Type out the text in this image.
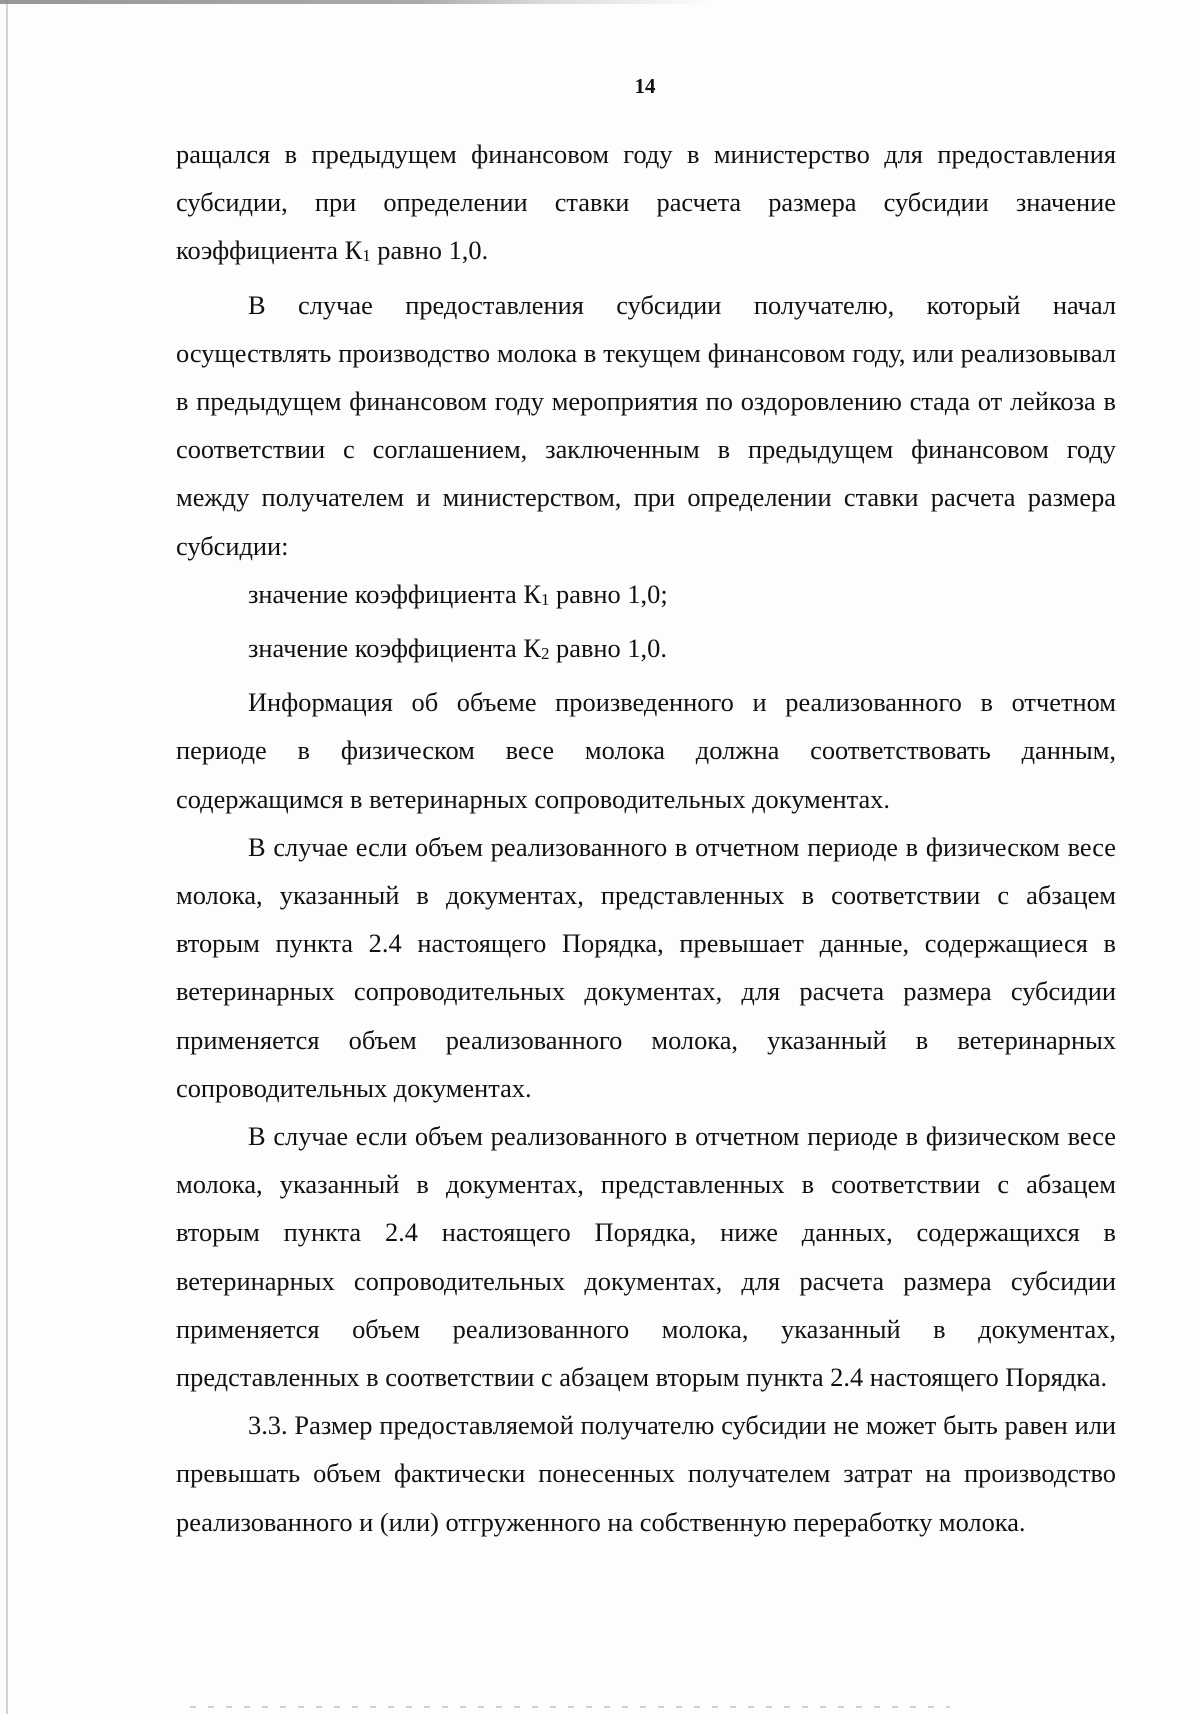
14

ращался в предыдущем финансовом году в министерство для предоставления субсидии, при определении ставки расчета размера субсидии значение коэффициента К1 равно 1,0.

В случае предоставления субсидии получателю, который начал осуществлять производство молока в текущем финансовом году, или реализовывал в предыдущем финансовом году мероприятия по оздоровлению стада от лейкоза в соответствии с соглашением, заключенным в предыдущем финансовом году между получателем и министерством, при определении ставки расчета размера субсидии:

значение коэффициента К1 равно 1,0;

значение коэффициента К2 равно 1,0.

Информация об объеме произведенного и реализованного в отчетном периоде в физическом весе молока должна соответствовать данным, содержащимся в ветеринарных сопроводительных документах.

В случае если объем реализованного в отчетном периоде в физическом весе молока, указанный в документах, представленных в соответствии с абзацем вторым пункта 2.4 настоящего Порядка, превышает данные, содержащиеся в ветеринарных сопроводительных документах, для расчета размера субсидии применяется объем реализованного молока, указанный в ветеринарных сопроводительных документах.

В случае если объем реализованного в отчетном периоде в физическом весе молока, указанный в документах, представленных в соответствии с абзацем вторым пункта 2.4 настоящего Порядка, ниже данных, содержащихся в ветеринарных сопроводительных документах, для расчета размера субсидии применяется объем реализованного молока, указанный в документах, представленных в соответствии с абзацем вторым пункта 2.4 настоящего Порядка.

3.3. Размер предоставляемой получателю субсидии не может быть равен или превышать объем фактически понесенных получателем затрат на производство реализованного и (или) отгруженного на собственную переработку молока.
